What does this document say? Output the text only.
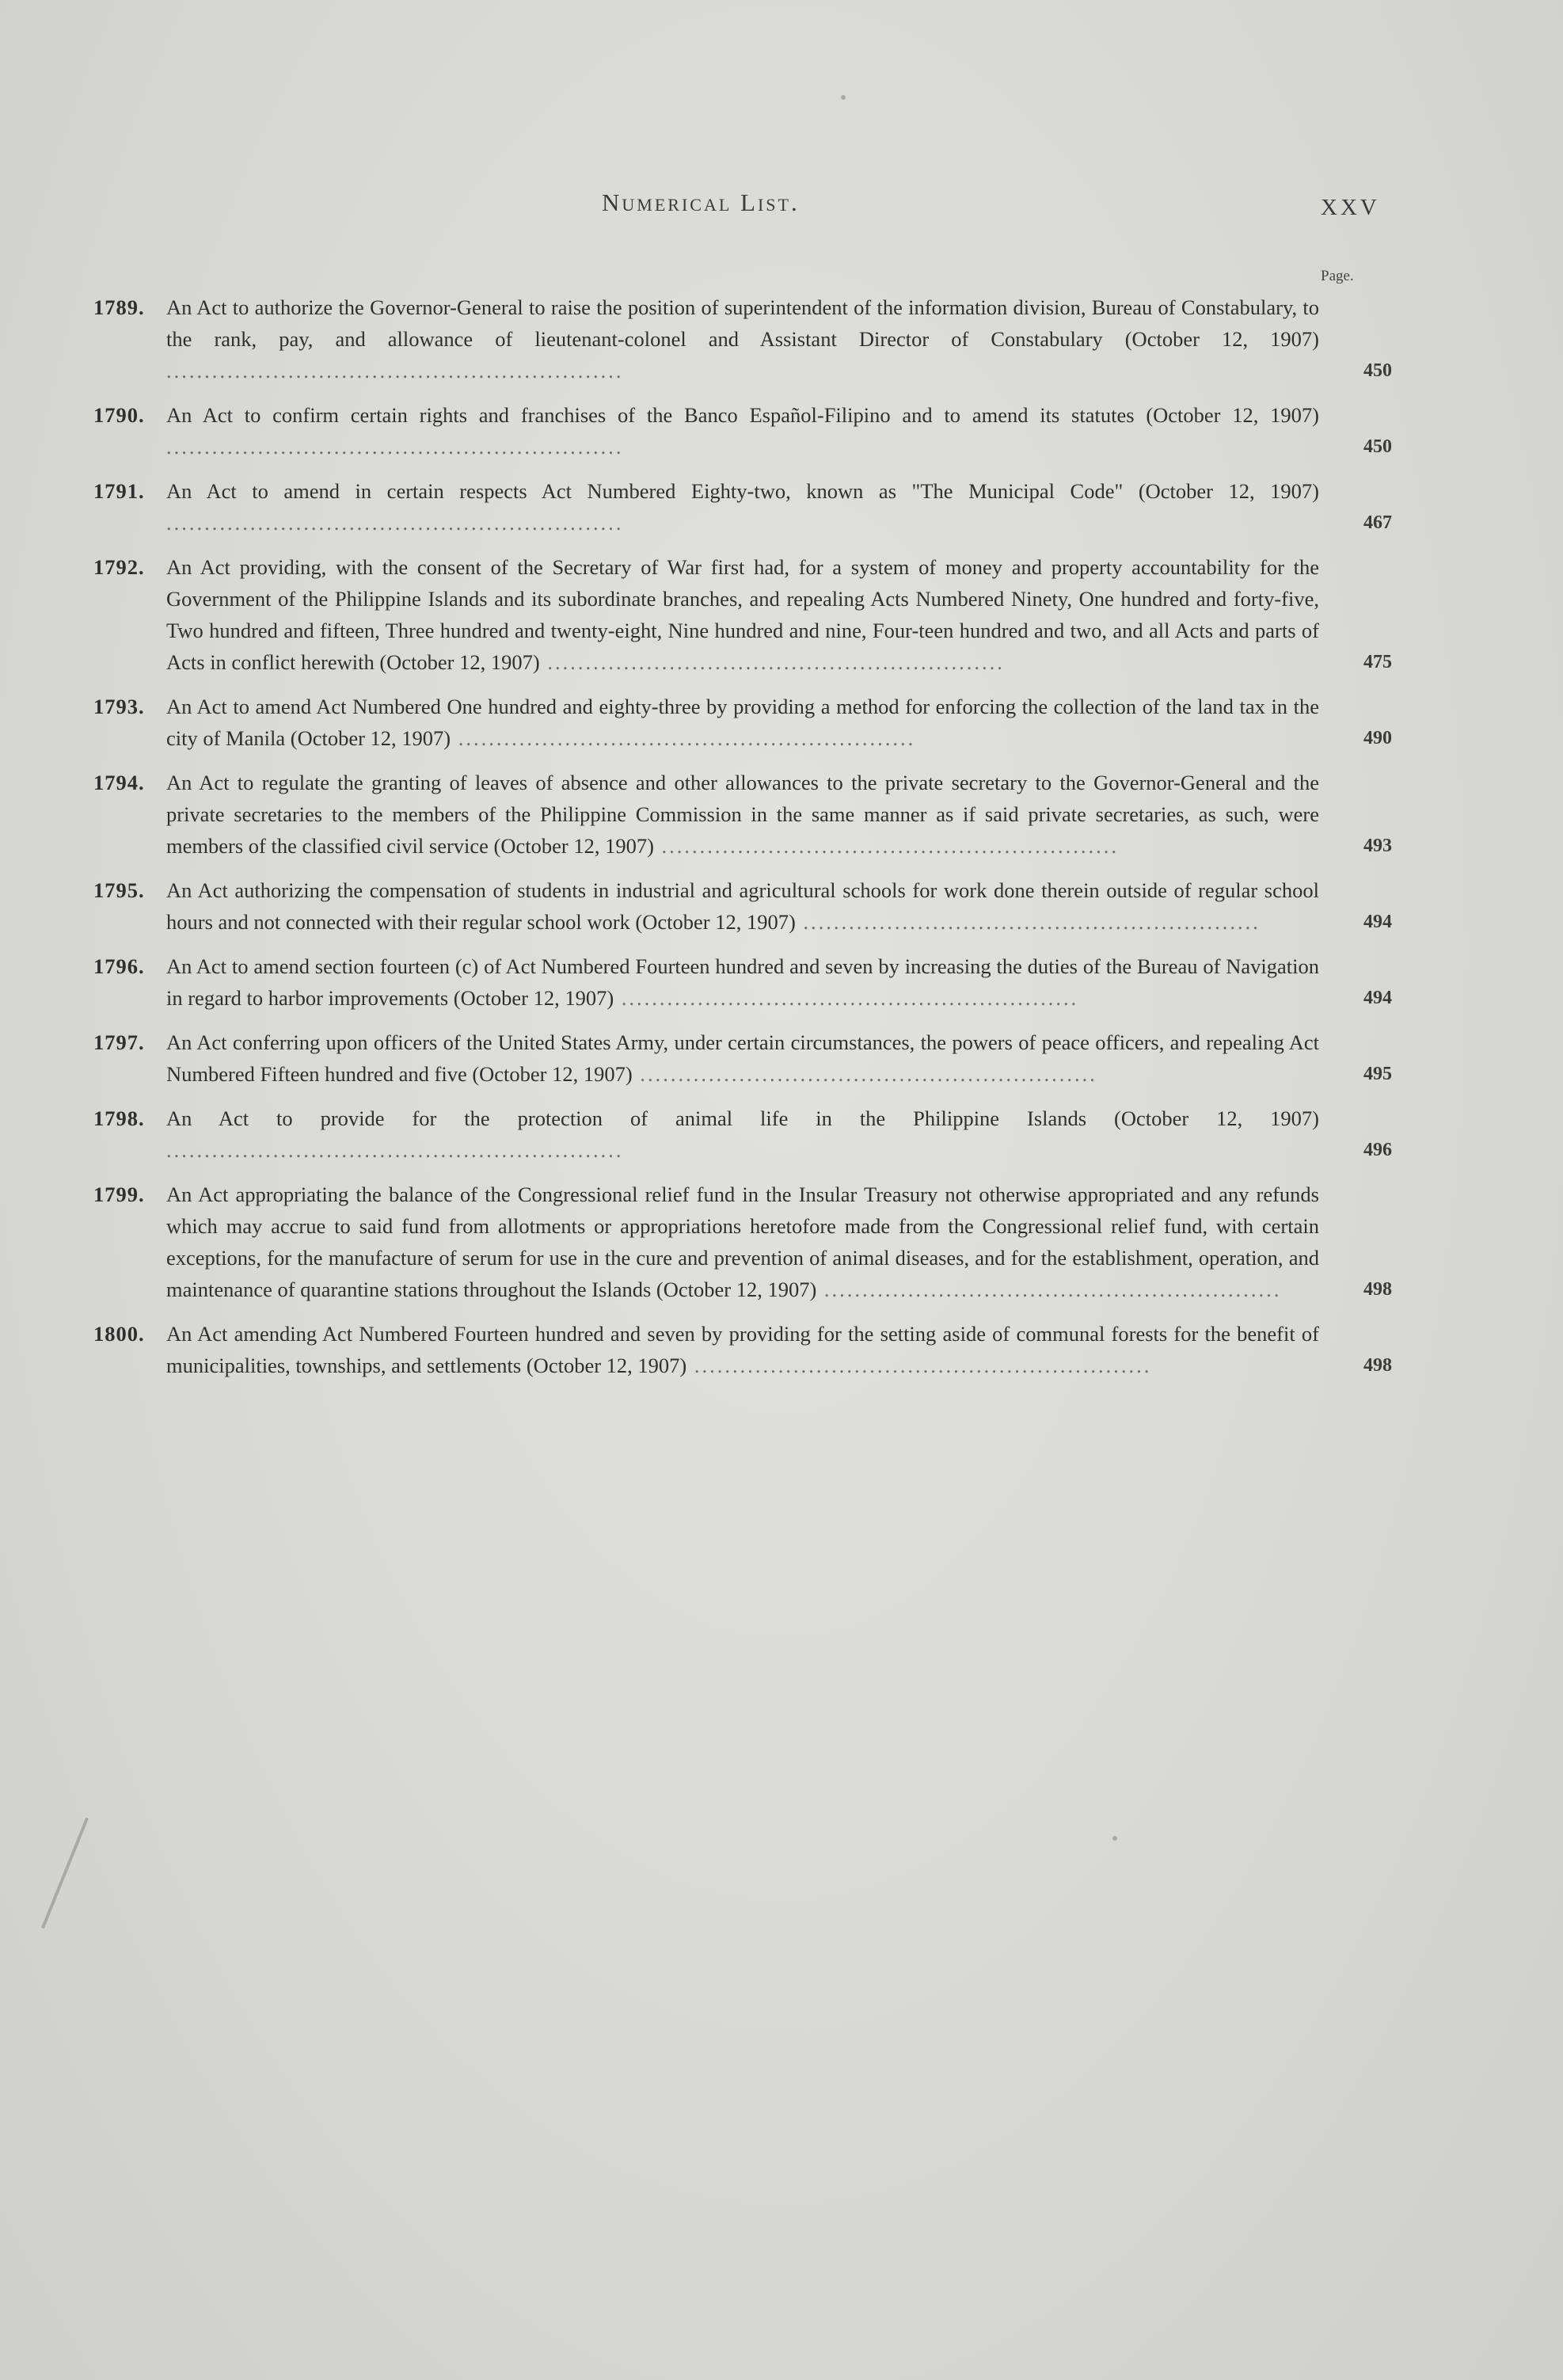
Numerical List.	XXV
Page.
1789.	An Act to authorize the Governor-General to raise the position of superintendent of the information division, Bureau of Constabulary, to the rank, pay, and allowance of lieutenant-colonel and Assistant Director of Constabulary (October 12, 1907) ............................................................	450
1790.	An Act to confirm certain rights and franchises of the Banco Español-Filipino and to amend its statutes (October 12, 1907) ............................................................	450
1791.	An Act to amend in certain respects Act Numbered Eighty-two, known as "The Municipal Code" (October 12, 1907) ............................................................	467
1792.	An Act providing, with the consent of the Secretary of War first had, for a system of money and property accountability for the Government of the Philippine Islands and its subordinate branches, and repealing Acts Numbered Ninety, One hundred and forty-five, Two hundred and fifteen, Three hundred and twenty-eight, Nine hundred and nine, Four-teen hundred and two, and all Acts and parts of Acts in conflict herewith (October 12, 1907) ............................................................	475
1793.	An Act to amend Act Numbered One hundred and eighty-three by providing a method for enforcing the collection of the land tax in the city of Manila (October 12, 1907) ............................................................	490
1794.	An Act to regulate the granting of leaves of absence and other allowances to the private secretary to the Governor-General and the private secretaries to the members of the Philippine Commission in the same manner as if said private secretaries, as such, were members of the classified civil service (October 12, 1907) ............................................................	493
1795.	An Act authorizing the compensation of students in industrial and agricultural schools for work done therein outside of regular school hours and not connected with their regular school work (October 12, 1907) ............................................................	494
1796.	An Act to amend section fourteen (c) of Act Numbered Fourteen hundred and seven by increasing the duties of the Bureau of Navigation in regard to harbor improvements (October 12, 1907) ............................................................	494
1797.	An Act conferring upon officers of the United States Army, under certain circumstances, the powers of peace officers, and repealing Act Numbered Fifteen hundred and five (October 12, 1907) ............................................................	495
1798.	An Act to provide for the protection of animal life in the Philippine Islands (October 12, 1907) ............................................................	496
1799.	An Act appropriating the balance of the Congressional relief fund in the Insular Treasury not otherwise appropriated and any refunds which may accrue to said fund from allotments or appropriations heretofore made from the Congressional relief fund, with certain exceptions, for the manufacture of serum for use in the cure and prevention of animal diseases, and for the establishment, operation, and maintenance of quarantine stations throughout the Islands (October 12, 1907) ............................................................	498
1800.	An Act amending Act Numbered Fourteen hundred and seven by providing for the setting aside of communal forests for the benefit of municipalities, townships, and settlements (October 12, 1907) ............................................................	498
